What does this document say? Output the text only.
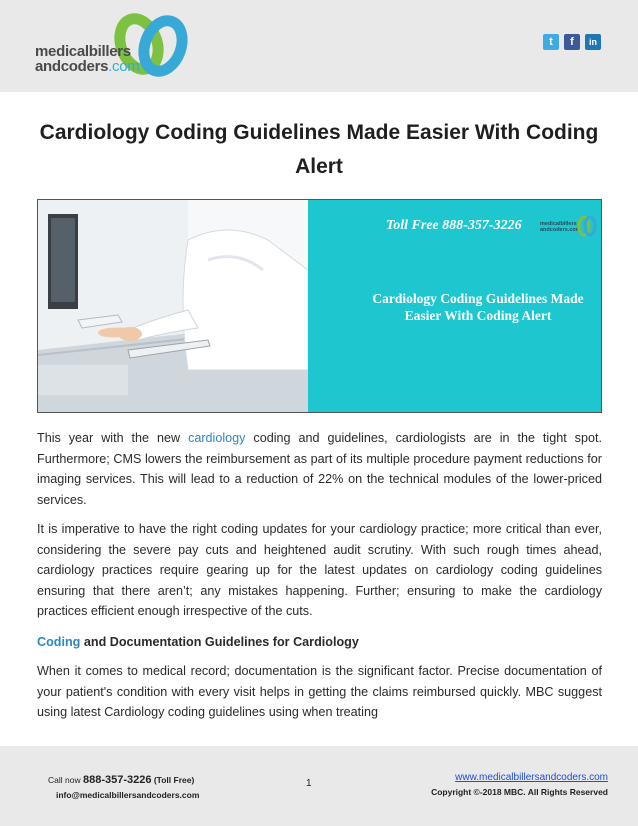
medicalbillers
andcoders.com
t	f	in
Cardiology Coding Guidelines Made Easier With Coding Alert
Toll Free 888-357-3226	medicalbillers
andcoders.com
Cardiology Coding Guidelines Made Easier With Coding Alert

This year with the new cardiology coding and guidelines, cardiologists are in the tight spot. Furthermore; CMS lowers the reimbursement as part of its multiple procedure payment reductions for imaging services. This will lead to a reduction of 22% on the technical modules of the lower-priced services.

It is imperative to have the right coding updates for your cardiology practice; more critical than ever, considering the severe pay cuts and heightened audit scrutiny. With such rough times ahead, cardiology practices require gearing up for the latest updates on cardiology coding guidelines ensuring that there aren’t; any mistakes happening. Further; ensuring to make the cardiology practices efficient enough irrespective of the cuts.

Coding and Documentation Guidelines for Cardiology

When it comes to medical record; documentation is the significant factor. Precise documentation of your patient's condition with every visit helps in getting the claims reimbursed quickly. MBC suggest using latest Cardiology coding guidelines using when treating

Call now 888-357-3226 (Toll Free)
info@medicalbillersandcoders.com
1
www.medicalbillersandcoders.com
Copyright ©-2018 MBC. All Rights Reserved
